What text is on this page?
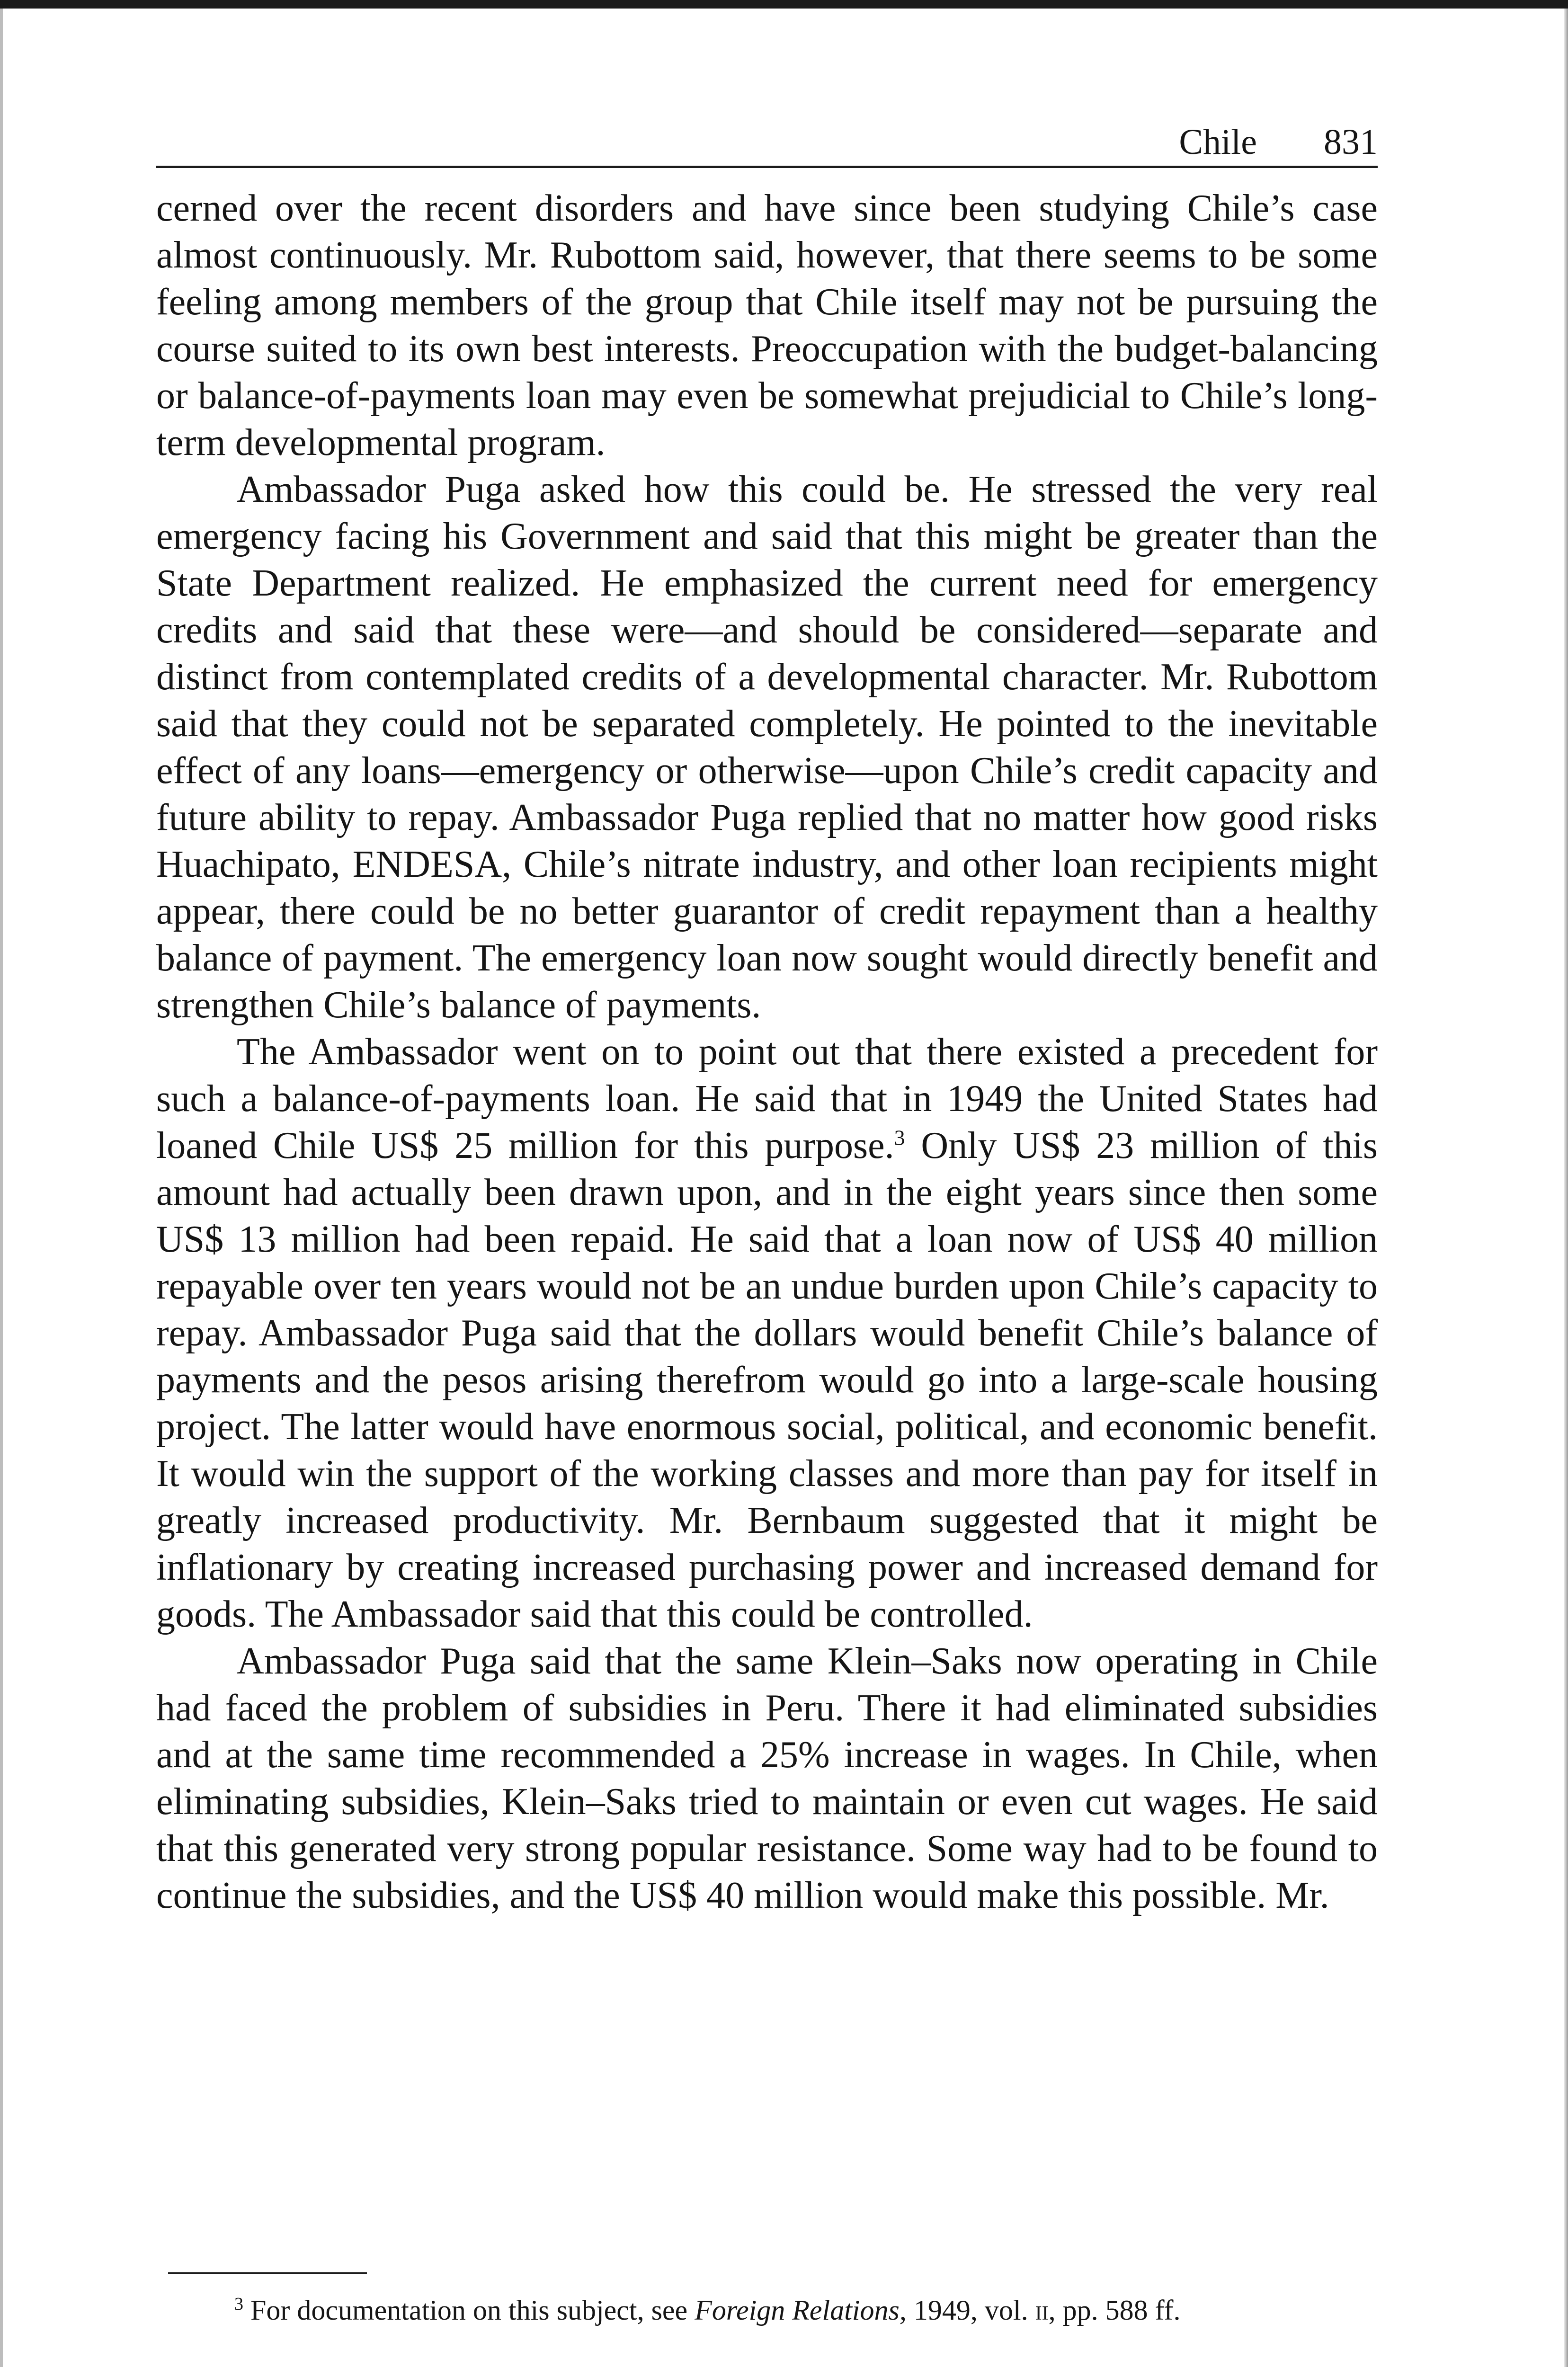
Chile 831

cerned over the recent disorders and have since been studying Chile’s case almost continuously. Mr. Rubottom said, however, that there seems to be some feeling among members of the group that Chile itself may not be pursuing the course suited to its own best interests. Preoccupation with the budget-balancing or balance-of-payments loan may even be somewhat prejudicial to Chile’s long-term developmental program.

Ambassador Puga asked how this could be. He stressed the very real emergency facing his Government and said that this might be greater than the State Department realized. He emphasized the current need for emergency credits and said that these were—and should be considered—separate and distinct from contemplated credits of a developmental character. Mr. Rubottom said that they could not be separated completely. He pointed to the inevitable effect of any loans—emergency or otherwise—upon Chile’s credit capacity and future ability to repay. Ambassador Puga replied that no matter how good risks Huachipato, ENDESA, Chile’s nitrate industry, and other loan recipients might appear, there could be no better guarantor of credit repayment than a healthy balance of payment. The emergency loan now sought would directly benefit and strengthen Chile’s balance of payments.

The Ambassador went on to point out that there existed a precedent for such a balance-of-payments loan. He said that in 1949 the United States had loaned Chile US$ 25 million for this purpose.$^3$ Only US$ 23 million of this amount had actually been drawn upon, and in the eight years since then some US$ 13 million had been repaid. He said that a loan now of US$ 40 million repayable over ten years would not be an undue burden upon Chile’s capacity to repay. Ambassador Puga said that the dollars would benefit Chile’s balance of payments and the pesos arising therefrom would go into a large-scale housing project. The latter would have enormous social, political, and economic benefit. It would win the support of the working classes and more than pay for itself in greatly increased productivity. Mr. Bernbaum suggested that it might be inflationary by creating increased purchasing power and increased demand for goods. The Ambassador said that this could be controlled.

Ambassador Puga said that the same Klein–Saks now operating in Chile had faced the problem of subsidies in Peru. There it had eliminated subsidies and at the same time recommended a 25% increase in wages. In Chile, when eliminating subsidies, Klein–Saks tried to maintain or even cut wages. He said that this generated very strong popular resistance. Some way had to be found to continue the subsidies, and the US$ 40 million would make this possible. Mr.

$^3$ For documentation on this subject, see Foreign Relations, 1949, vol. ii, pp. 588 ff.
